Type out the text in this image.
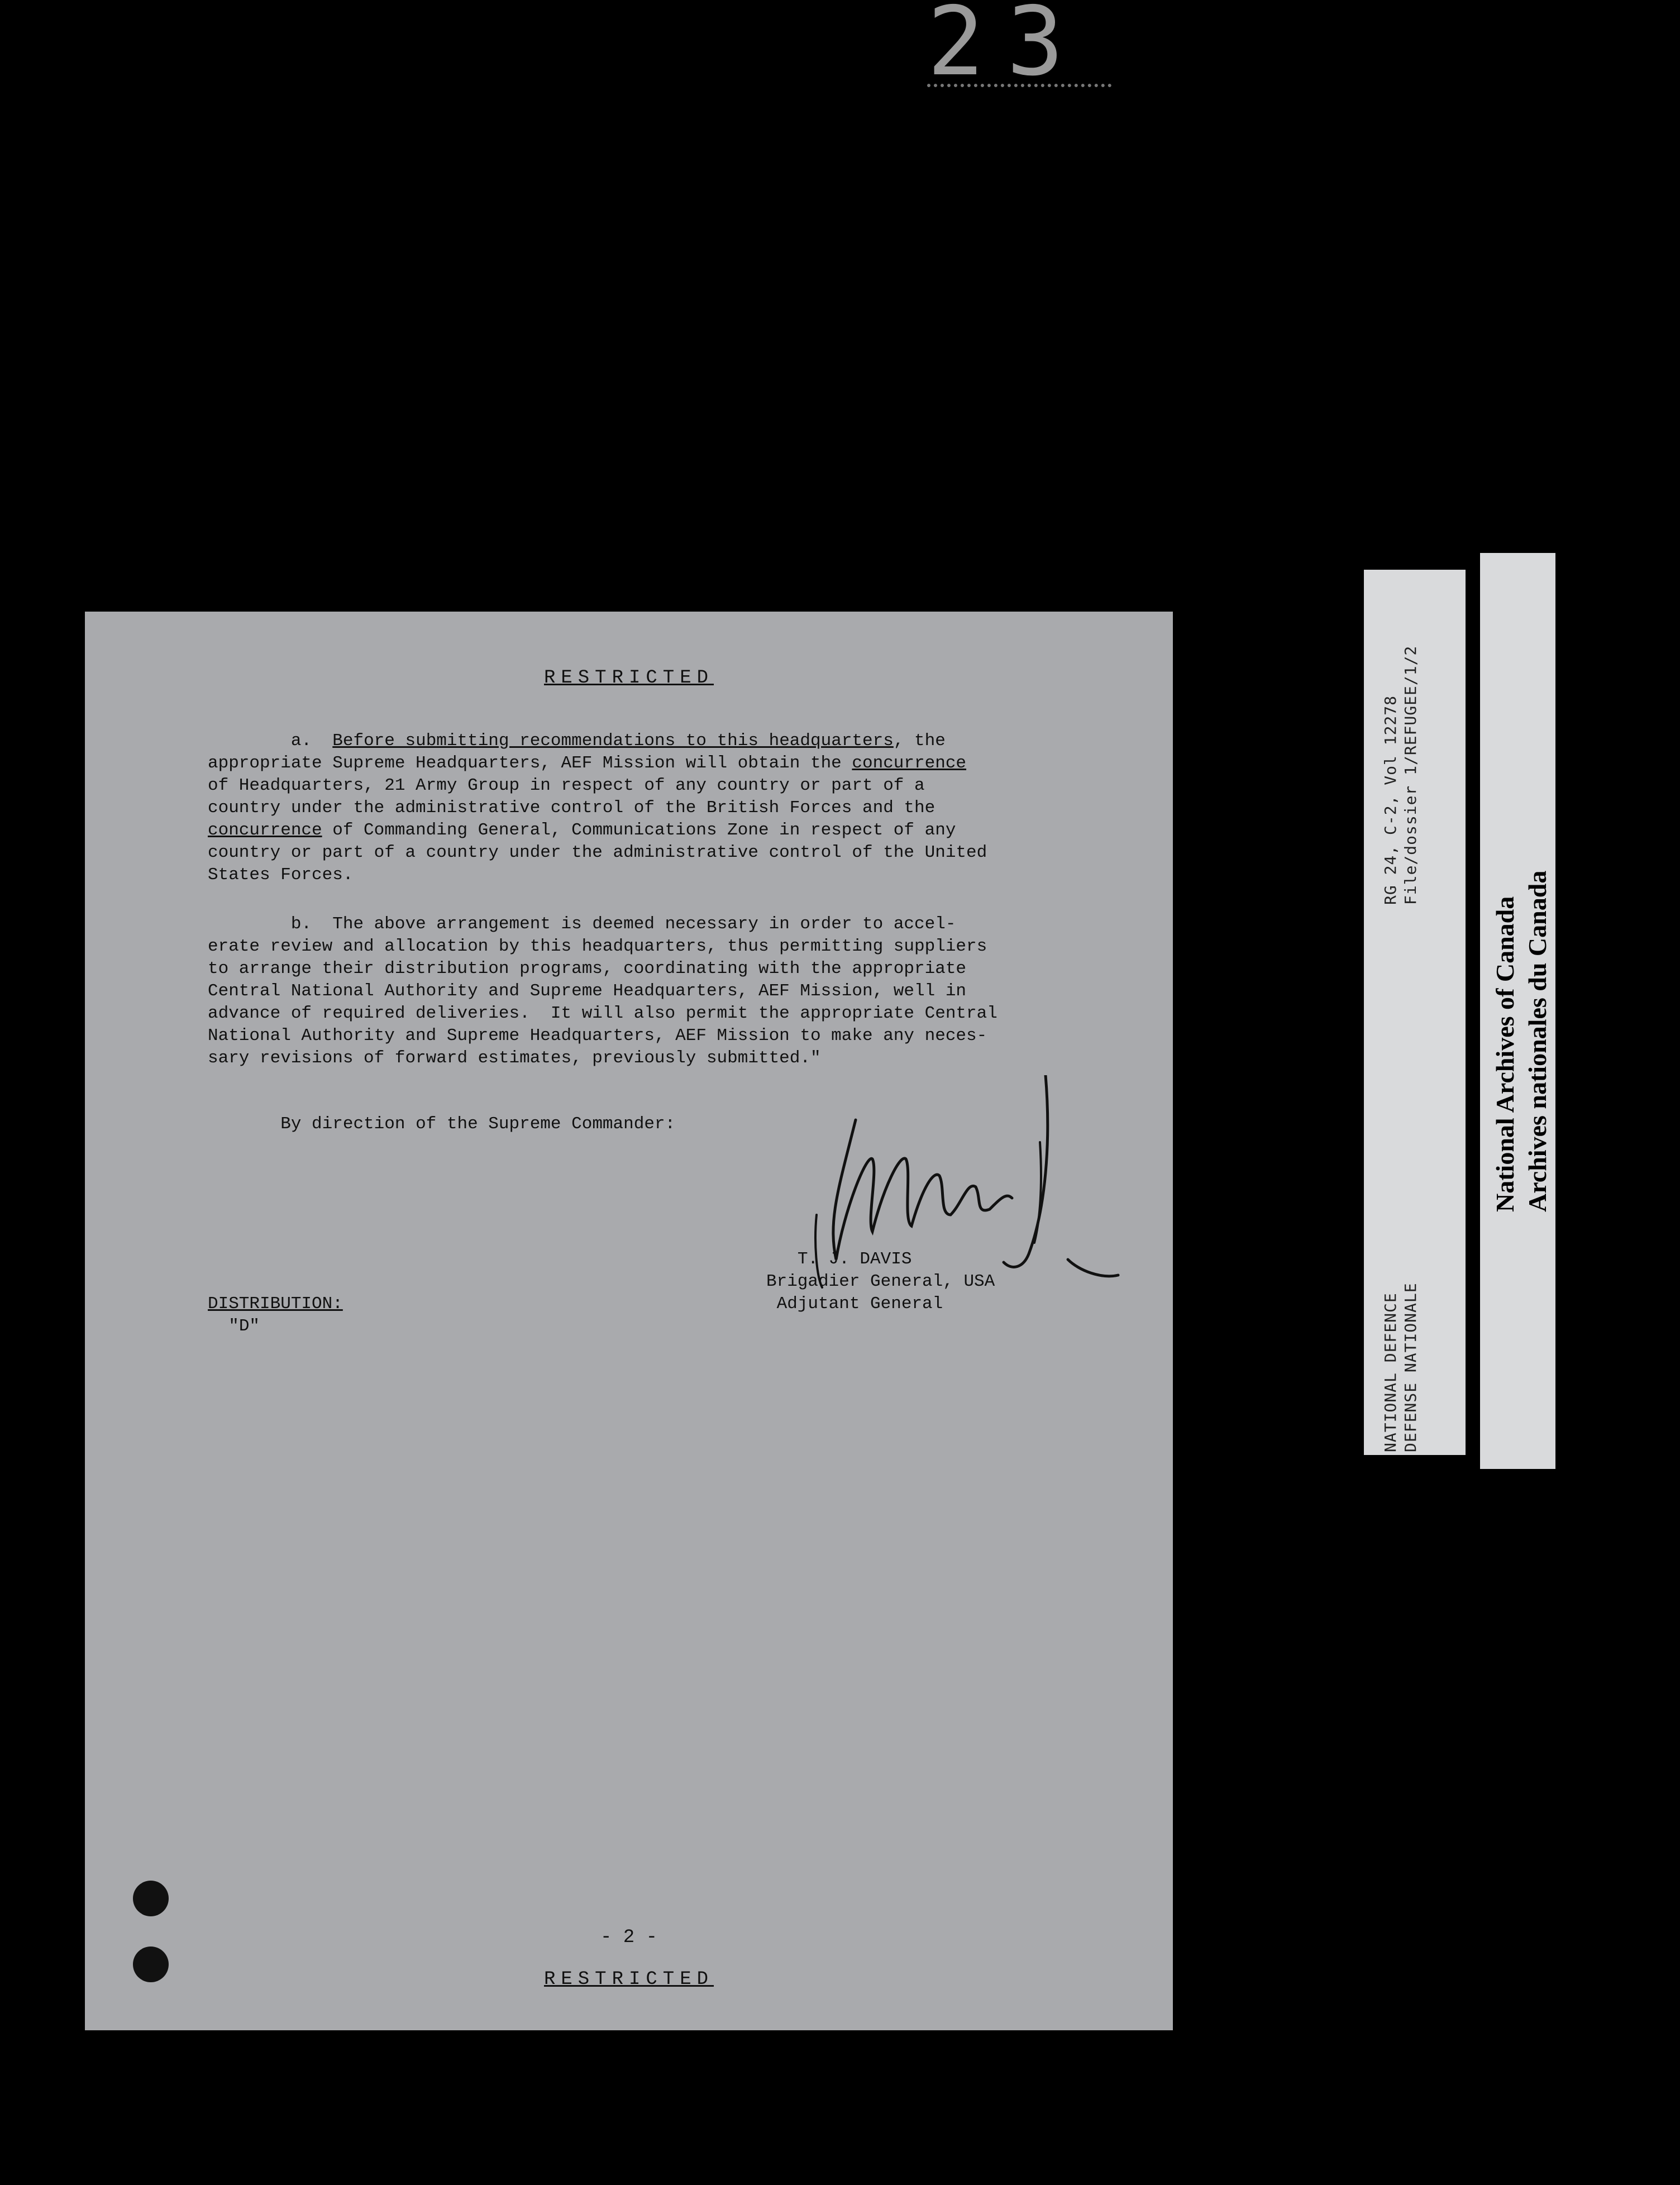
23
RESTRICTED

a. Before submitting recommendations to this headquarters, the
appropriate Supreme Headquarters, AEF Mission will obtain the concurrence
of Headquarters, 21 Army Group in respect of any country or part of a
country under the administrative control of the British Forces and the
concurrence of Commanding General, Communications Zone in respect of any
country or part of a country under the administrative control of the United
States Forces.

b. The above arrangement is deemed necessary in order to accel-
erate review and allocation by this headquarters, thus permitting suppliers
to arrange their distribution programs, coordinating with the appropriate
Central National Authority and Supreme Headquarters, AEF Mission, well in
advance of required deliveries.  It will also permit the appropriate Central
National Authority and Supreme Headquarters, AEF Mission to make any neces-
sary revisions of forward estimates, previously submitted."

By direction of the Supreme Commander:

T. J. DAVIS
Brigadier General, USA
Adjutant General
DISTRIBUTION:
"D"
- 2 -
RESTRICTED
RG 24, C-2, Vol 12278 File/dossier 1/REFUGEE/1/2
NATIONAL DEFENCE DEFENSE NATIONALE
National Archives of Canada Archives nationales du Canada
